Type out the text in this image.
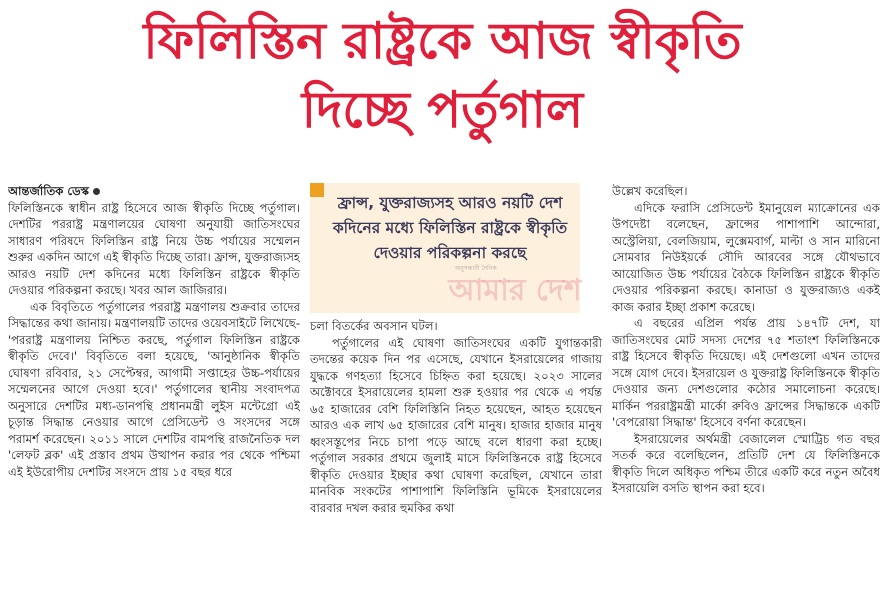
ফিলিস্তিন রাষ্ট্রকে আজ স্বীকৃতি
দিচ্ছে পর্তুগাল

আন্তর্জাতিক ডেস্ক

ফিলিস্তিনকে স্বাধীন রাষ্ট্র হিসেবে আজ স্বীকৃতি দিচ্ছে পর্তুগাল। দেশটির পররাষ্ট্র মন্ত্রণালয়ের ঘোষণা অনুযায়ী জাতিসংঘের সাধারণ পরিষদে ফিলিস্তিন রাষ্ট্র নিয়ে উচ্চ পর্যায়ের সম্মেলন শুরুর একদিন আগে এই স্বীকৃতি দিচ্ছে তারা। ফ্রান্স, যুক্তরাজ্যসহ আরও নয়টি দেশ কদিনের মধ্যে ফিলিস্তিন রাষ্ট্রকে স্বীকৃতি দেওয়ার পরিকল্পনা করছে। খবর আল জাজিরার।

এক বিবৃতিতে পর্তুগালের পররাষ্ট্র মন্ত্রণালয় শুক্রবার তাদের সিদ্ধান্তের কথা জানায়। মন্ত্রণালয়টি তাদের ওয়েবসাইটে লিখেছে- 'পররাষ্ট্র মন্ত্রণালয় নিশ্চিত করছে, পর্তুগাল ফিলিস্তিন রাষ্ট্রকে স্বীকৃতি দেবে।' বিবৃতিতে বলা হয়েছে, 'আনুষ্ঠানিক স্বীকৃতি ঘোষণা রবিবার, ২১ সেপ্টেম্বর, আগামী সপ্তাহের উচ্চ-পর্যায়ের সম্মেলনের আগে দেওয়া হবে।' পর্তুগালের স্থানীয় সংবাদপত্র অনুসারে দেশটির মধ্য-ডানপন্থি প্রধানমন্ত্রী লুইস মন্টেগ্রো এই চূড়ান্ত সিদ্ধান্ত নেওয়ার আগে প্রেসিডেন্ট ও সংসদের সঙ্গে পরামর্শ করেছেন। ২০১১ সালে দেশটির বামপন্থি রাজনৈতিক দল 'লেফট ব্লক' এই প্রস্তাব প্রথম উত্থাপন করার পর থেকে পশ্চিমা এই ইউরোপীয় দেশটির সংসদে প্রায় ১৫ বছর ধরে

ফ্রান্স, যুক্তরাজ্যসহ আরও নয়টি দেশ কদিনের মধ্যে ফিলিস্তিন রাষ্ট্রকে স্বীকৃতি দেওয়ার পরিকল্পনা করছে
অনুসন্ধানী দৈনিক
আমার দেশ

চলা বিতর্কের অবসান ঘটল।

পর্তুগালের এই ঘোষণা জাতিসংঘের একটি যুগান্তকারী তদন্তের কয়েক দিন পর এসেছে, যেখানে ইসরায়েলের গাজায় যুদ্ধকে গণহত্যা হিসেবে চিহ্নিত করা হয়েছে। ২০২৩ সালের অক্টোবরে ইসরায়েলের হামলা শুরু হওয়ার পর থেকে এ পর্যন্ত ৬৫ হাজারের বেশি ফিলিস্তিনি নিহত হয়েছেন, আহত হয়েছেন আরও এক লাখ ৬৫ হাজারের বেশি মানুষ। হাজার হাজার মানুষ ধ্বংসস্তূপের নিচে চাপা পড়ে আছে বলে ধারণা করা হচ্ছে। পর্তুগাল সরকার প্রথমে জুলাই মাসে ফিলিস্তিনকে রাষ্ট্র হিসেবে স্বীকৃতি দেওয়ার ইচ্ছার কথা ঘোষণা করেছিল, যেখানে তারা মানবিক সংকটের পাশাপাশি ফিলিস্তিনি ভূমিকে ইসরায়েলের বারবার দখল করার হুমকির কথা

উল্লেখ করেছিল।

এদিকে ফরাসি প্রেসিডেন্ট ইমানুয়েল ম্যাক্রোনের এক উপদেষ্টা বলেছেন, ফ্রান্সের পাশাপাশি আন্দোরা, অস্ট্রেলিয়া, বেলজিয়াম, লুক্সেমবার্গ, মাল্টা ও সান মারিনো সোমবার নিউইয়র্কে সৌদি আরবের সঙ্গে যৌথভাবে আয়োজিত উচ্চ পর্যায়ের বৈঠকে ফিলিস্তিন রাষ্ট্রকে স্বীকৃতি দেওয়ার পরিকল্পনা করছে। কানাডা ও যুক্তরাজ্যও একই কাজ করার ইচ্ছা প্রকাশ করেছে।

এ বছরের এপ্রিল পর্যন্ত প্রায় ১৪৭টি দেশ, যা জাতিসংঘের মোট সদস্য দেশের ৭৫ শতাংশ ফিলিস্তিনকে রাষ্ট্র হিসেবে স্বীকৃতি দিয়েছে। এই দেশগুলো এখন তাদের সঙ্গে যোগ দেবে। ইসরায়েল ও যুক্তরাষ্ট্র ফিলিস্তিনকে স্বীকৃতি দেওয়ার জন্য দেশগুলোর কঠোর সমালোচনা করেছে। মার্কিন পররাষ্ট্রমন্ত্রী মার্কো রুবিও ফ্রান্সের সিদ্ধান্তকে একটি 'বেপরোয়া সিদ্ধান্ত' হিসেবে বর্ণনা করেছেন।

ইসরায়েলের অর্থমন্ত্রী বেজালেল স্মোট্রিচ গত বছর সতর্ক করে বলেছিলেন, প্রতিটি দেশ যে ফিলিস্তিনকে স্বীকৃতি দিলে অধিকৃত পশ্চিম তীরে একটি করে নতুন অবৈধ ইসরায়েলি বসতি স্থাপন করা হবে।
